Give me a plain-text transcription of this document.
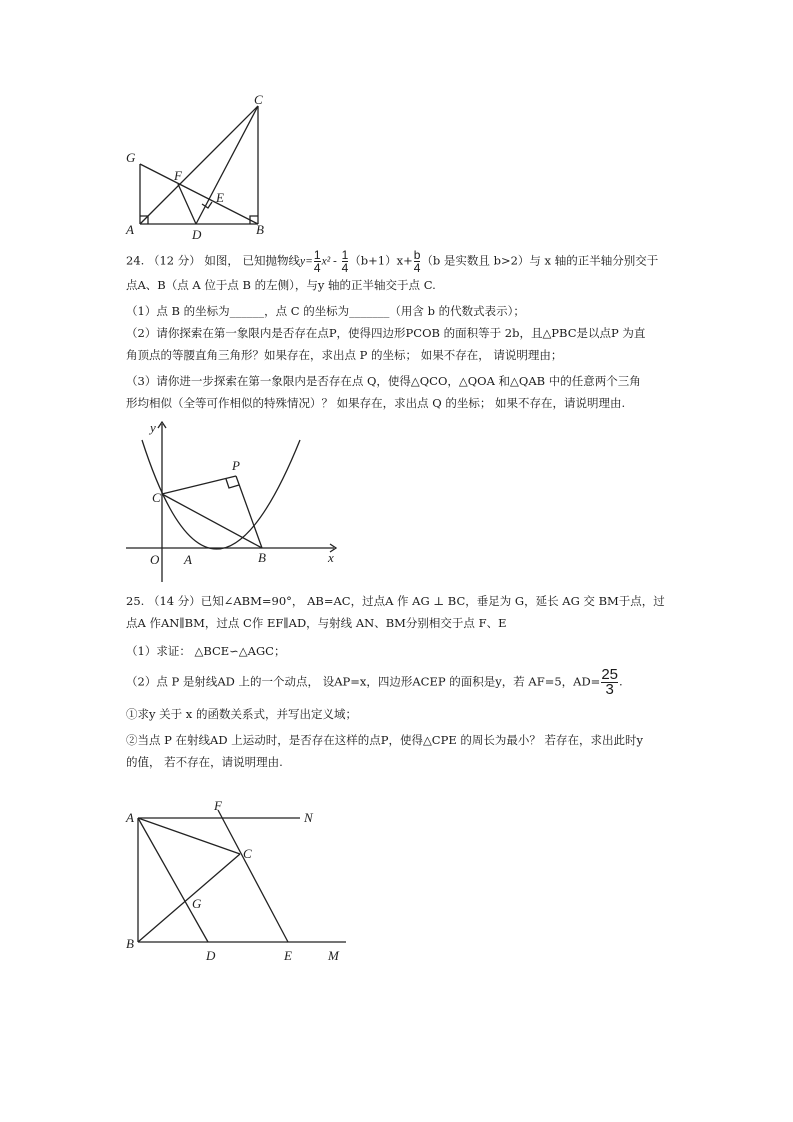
C
G
F
E
A	D	B
24. （12 分） 如图， 已知抛物线$y= \frac{1}{4} x^2 - \frac{1}{4} (b+1)x+ \frac{b}{4} (b$ 是实数且 b>2）与 x 轴的正半轴分别交于
点A、B（点 A 位于点 B 的左侧），与y 轴的正半轴交于点 C.
（1）点 B 的坐标为______，点 C 的坐标为_______（用含 b 的代数式表示）；
（2）请你探索在第一象限内是否存在点P，使得四边形PCOB 的面积等于 2b，且△PBC是以点P 为直
角顶点的等腰直角三角形？如果存在，求出点 P 的坐标； 如果不存在， 请说明理由；
（3）请你进一步探索在第一象限内是否存在点 Q，使得△QCO，△QOA 和△QAB 中的任意两个三角
形均相似（全等可作相似的特殊情况）？ 如果存在，求出点 Q 的坐标； 如果不存在，请说明理由.
y
P
C
O A	B	x
25. （14 分）已知∠ABM=90°， AB=AC，过点A 作 AG ⊥ BC，垂足为 G，延长 AG 交 BM于点，过
点A 作AN∥BM，过点 C作 EF∥AD，与射线 AN、BM分别相交于点 F、E
（1）求证： △BCE∽△AGC；
（2）点 P 是射线AD 上的一个动点， 设AP=x，四边形ACEP 的面积是y，若 AF=5，$AD= \frac{25}{3}$ .
①求y 关于 x 的函数关系式，并写出定义域；
②当点 P 在射线AD 上运动时，是否存在这样的点P，使得△CPE 的周长为最小？ 若存在，求出此时y
的值， 若不存在，请说明理由.
A
F
N
C
G
B
D	E	M
